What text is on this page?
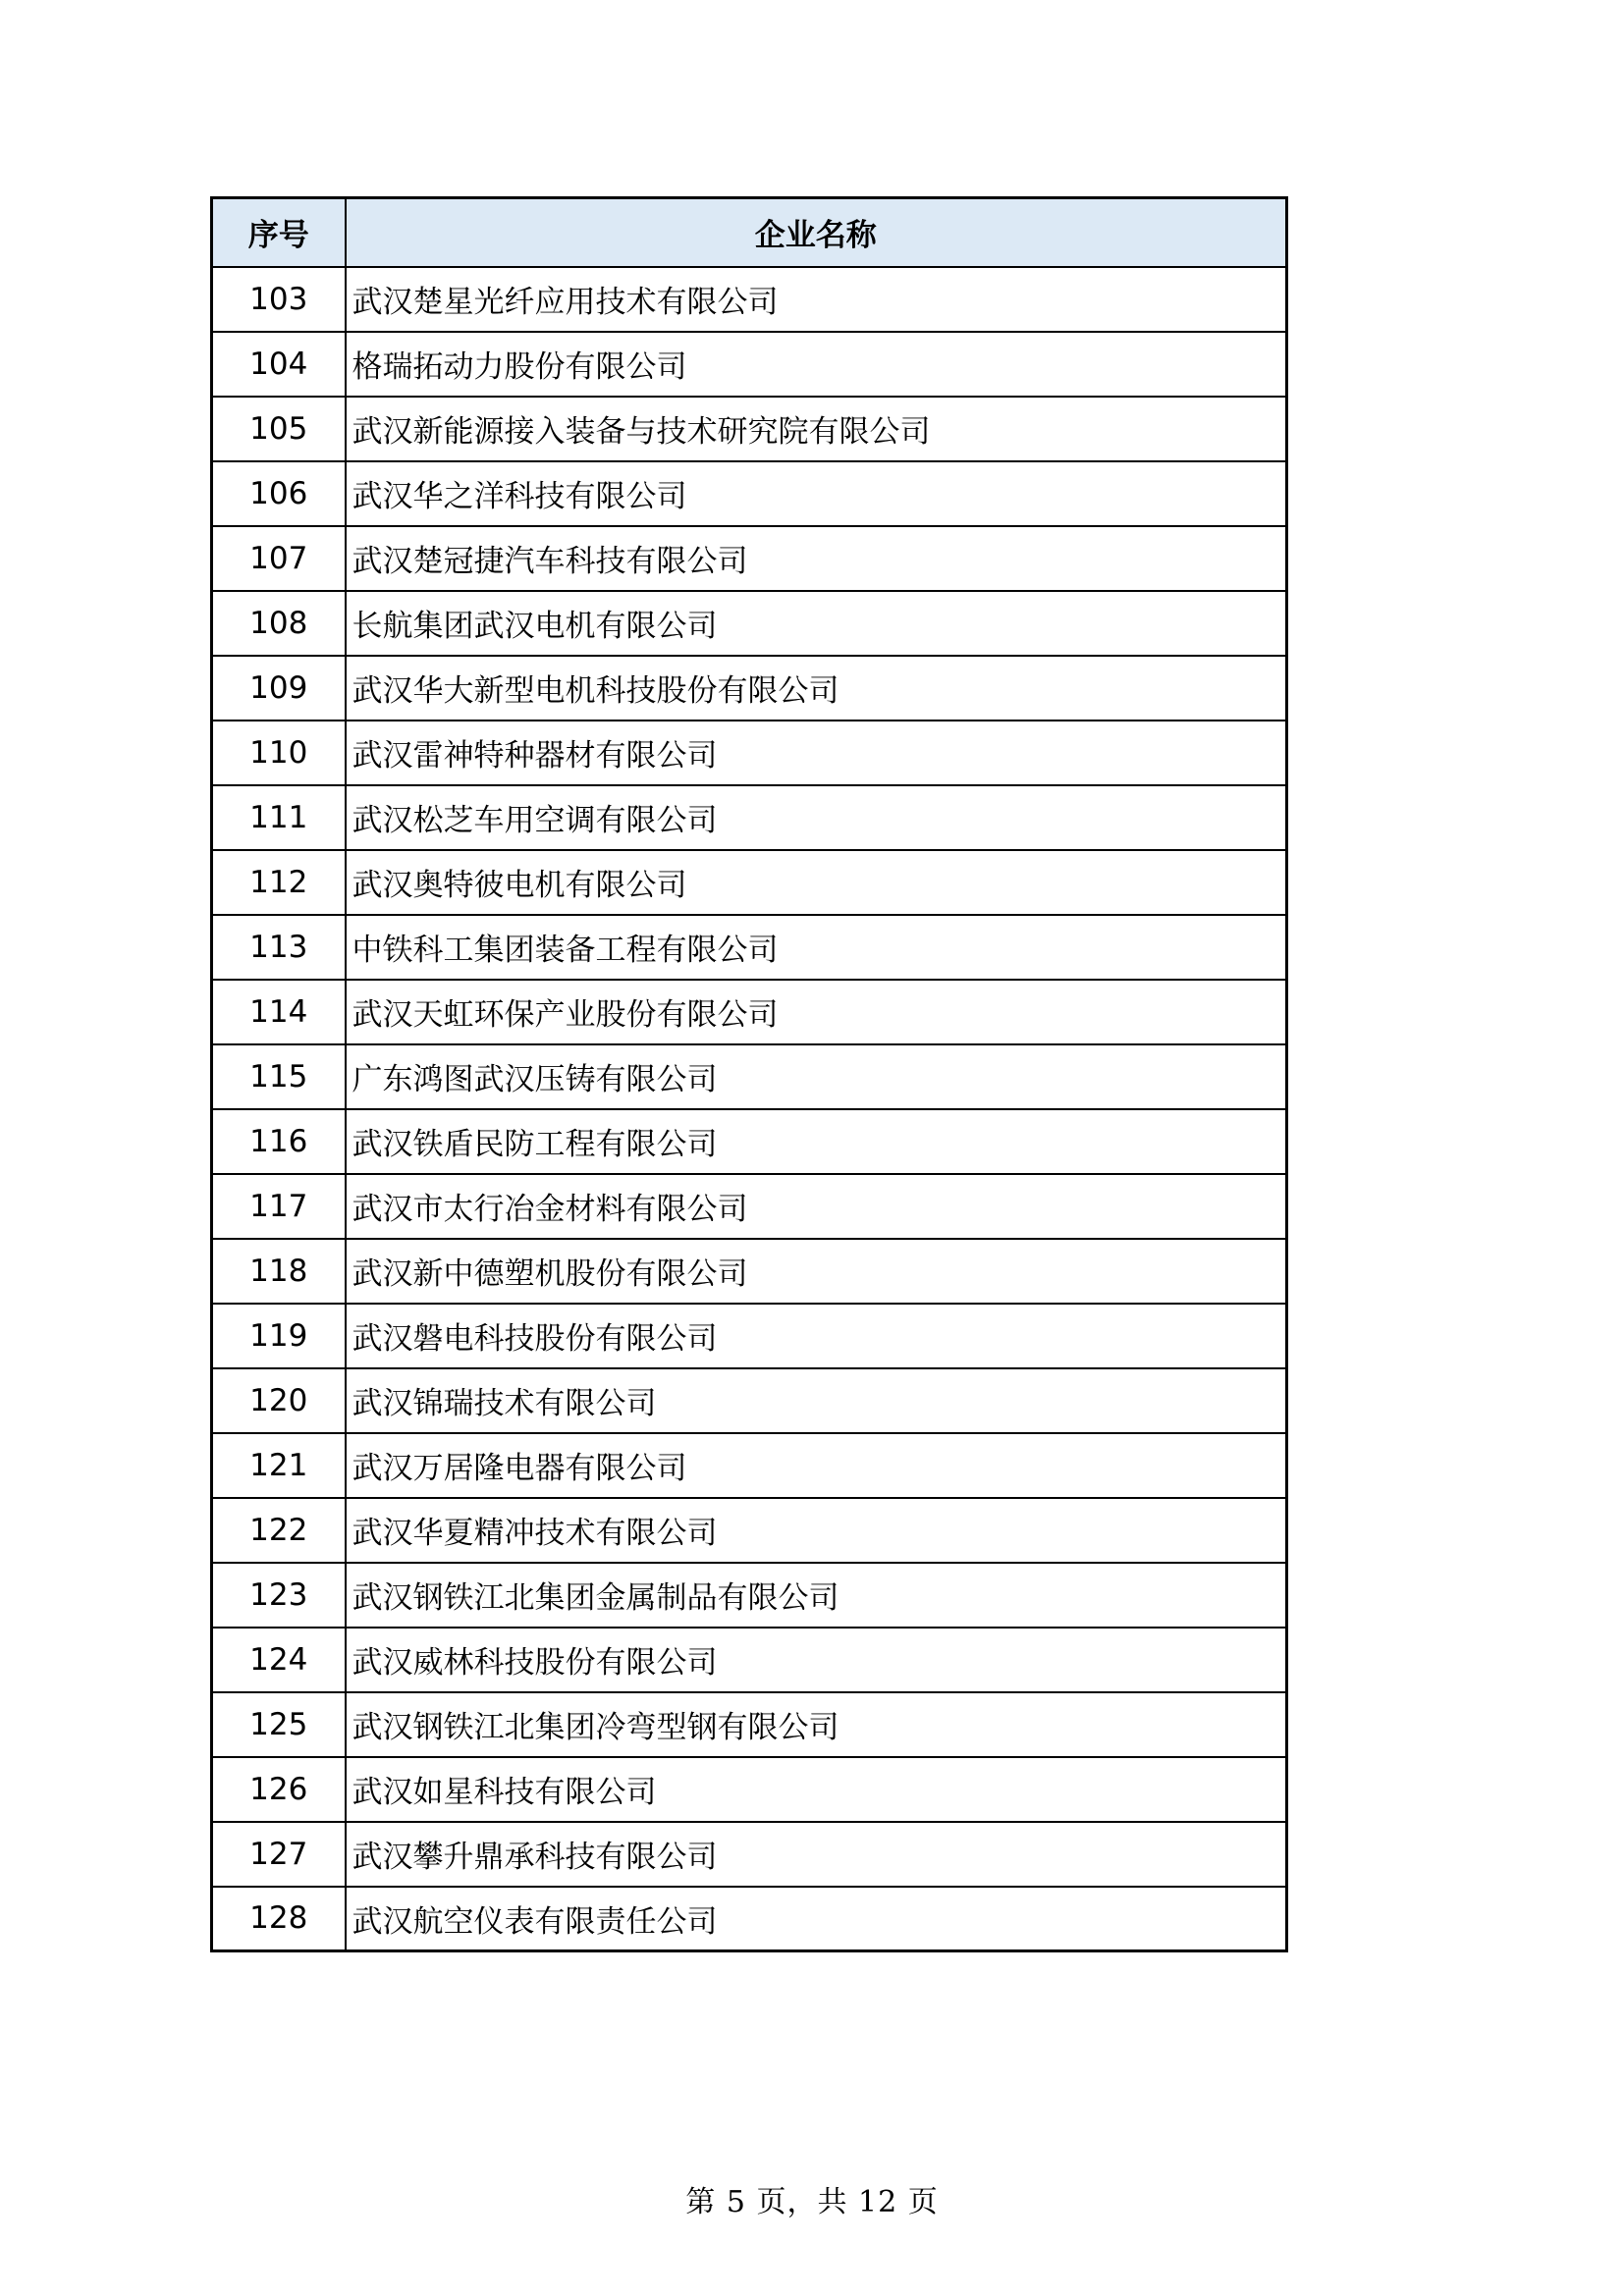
序号	企业名称
103	武汉楚星光纤应用技术有限公司
104	格瑞拓动力股份有限公司
105	武汉新能源接入装备与技术研究院有限公司
106	武汉华之洋科技有限公司
107	武汉楚冠捷汽车科技有限公司
108	长航集团武汉电机有限公司
109	武汉华大新型电机科技股份有限公司
110	武汉雷神特种器材有限公司
111	武汉松芝车用空调有限公司
112	武汉奥特彼电机有限公司
113	中铁科工集团装备工程有限公司
114	武汉天虹环保产业股份有限公司
115	广东鸿图武汉压铸有限公司
116	武汉铁盾民防工程有限公司
117	武汉市太行冶金材料有限公司
118	武汉新中德塑机股份有限公司
119	武汉磐电科技股份有限公司
120	武汉锦瑞技术有限公司
121	武汉万居隆电器有限公司
122	武汉华夏精冲技术有限公司
123	武汉钢铁江北集团金属制品有限公司
124	武汉威林科技股份有限公司
125	武汉钢铁江北集团冷弯型钢有限公司
126	武汉如星科技有限公司
127	武汉攀升鼎承科技有限公司
128	武汉航空仪表有限责任公司
第 5 页，共 12 页
